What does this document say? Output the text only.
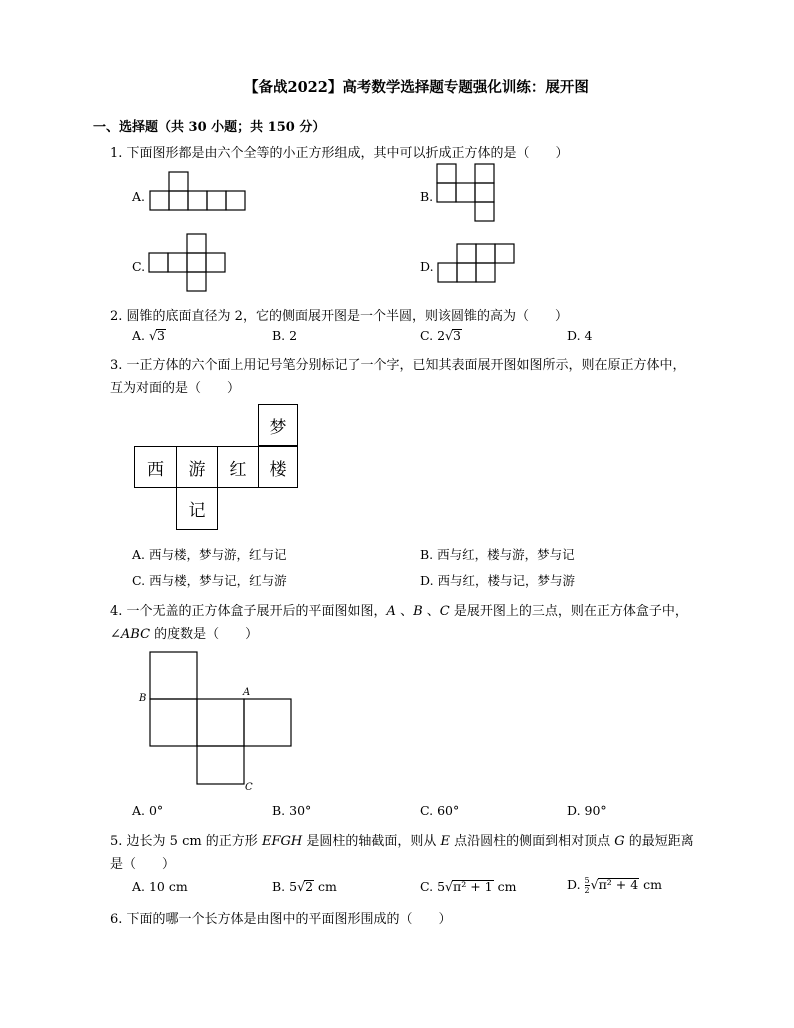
【备战2022】高考数学选择题专题强化训练：展开图
一、选择题（共 30 小题；共 150 分）
1. 下面图形都是由六个全等的小正方形组成，其中可以折成正方体的是（　　）
A.	B.
C.	D.
2. 圆锥的底面直径为 2，它的侧面展开图是一个半圆，则该圆锥的高为（　　）
A. √3	B. 2	C. 2√3	D. 4
3. 一正方体的六个面上用记号笔分别标记了一个字，已知其表面展开图如图所示，则在原正方体中，
互为对面的是（　　）
梦
西 游 红 楼
记
A. 西与楼，梦与游，红与记	B. 西与红，楼与游，梦与记
C. 西与楼，梦与记，红与游	D. 西与红，楼与记，梦与游
4. 一个无盖的正方体盒子展开后的平面图如图，A 、B 、C 是展开图上的三点，则在正方体盒子中，
∠ABC 的度数是（　　）
B
A
C
A. 0°	B. 30°	C. 60°	D. 90°
5. 边长为 5 cm 的正方形 EFGH 是圆柱的轴截面，则从 E 点沿圆柱的侧面到相对顶点 G 的最短距离
是（　　）
A. 10 cm	B. 5√2 cm	C. 5√π² + 1 cm	D. $\frac{5}{2} √\pi^2 + 4$ cm
6. 下面的哪一个长方体是由图中的平面图形围成的（　　）
